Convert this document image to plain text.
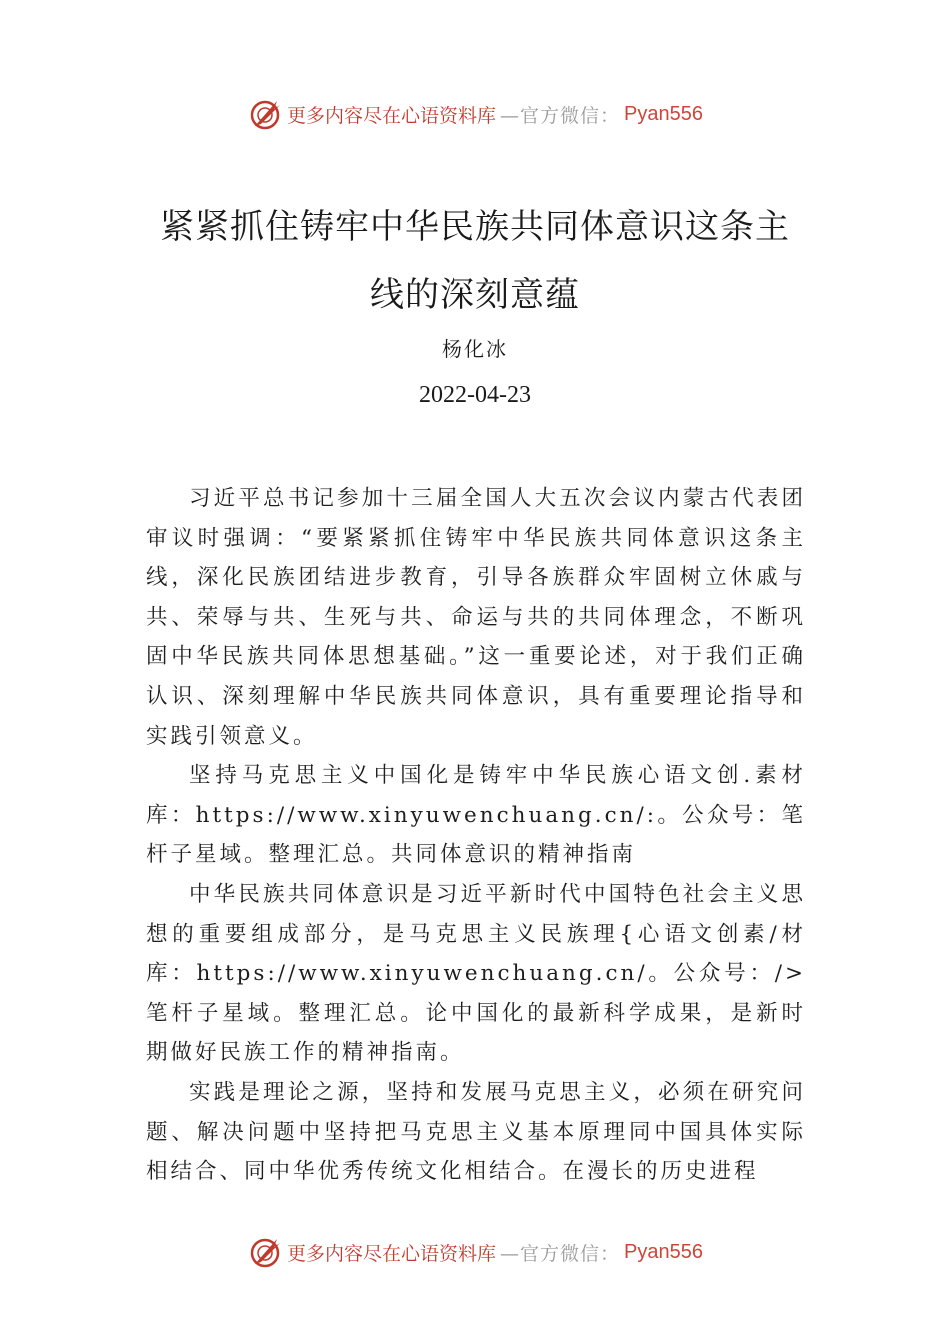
更多内容尽在心语资料库 —官方微信： Pyan556
紧紧抓住铸牢中华民族共同体意识这条主
线的深刻意蕴
杨化冰
2022-04-23

习近平总书记参加十三届全国人大五次会议内蒙古代表团审议时强调：“要紧紧抓住铸牢中华民族共同体意识这条主线，深化民族团结进步教育，引导各族群众牢固树立休戚与共、荣辱与共、生死与共、命运与共的共同体理念，不断巩固中华民族共同体思想基础。”这一重要论述，对于我们正确认识、深刻理解中华民族共同体意识，具有重要理论指导和实践引领意义。

坚持马克思主义中国化是铸牢中华民族心语文创.素材库：https://www.xinyuwenchuang.cn/:。公众号：笔杆子星域。整理汇总。共同体意识的精神指南

中华民族共同体意识是习近平新时代中国特色社会主义思想的重要组成部分，是马克思主义民族理{心语文创素/材库：https://www.xinyuwenchuang.cn/。公众号：/>笔杆子星域。整理汇总。论中国化的最新科学成果，是新时期做好民族工作的精神指南。

实践是理论之源，坚持和发展马克思主义，必须在研究问题、解决问题中坚持把马克思主义基本原理同中国具体实际相结合、同中华优秀传统文化相结合。在漫长的历史进程

更多内容尽在心语资料库 —官方微信： Pyan556
